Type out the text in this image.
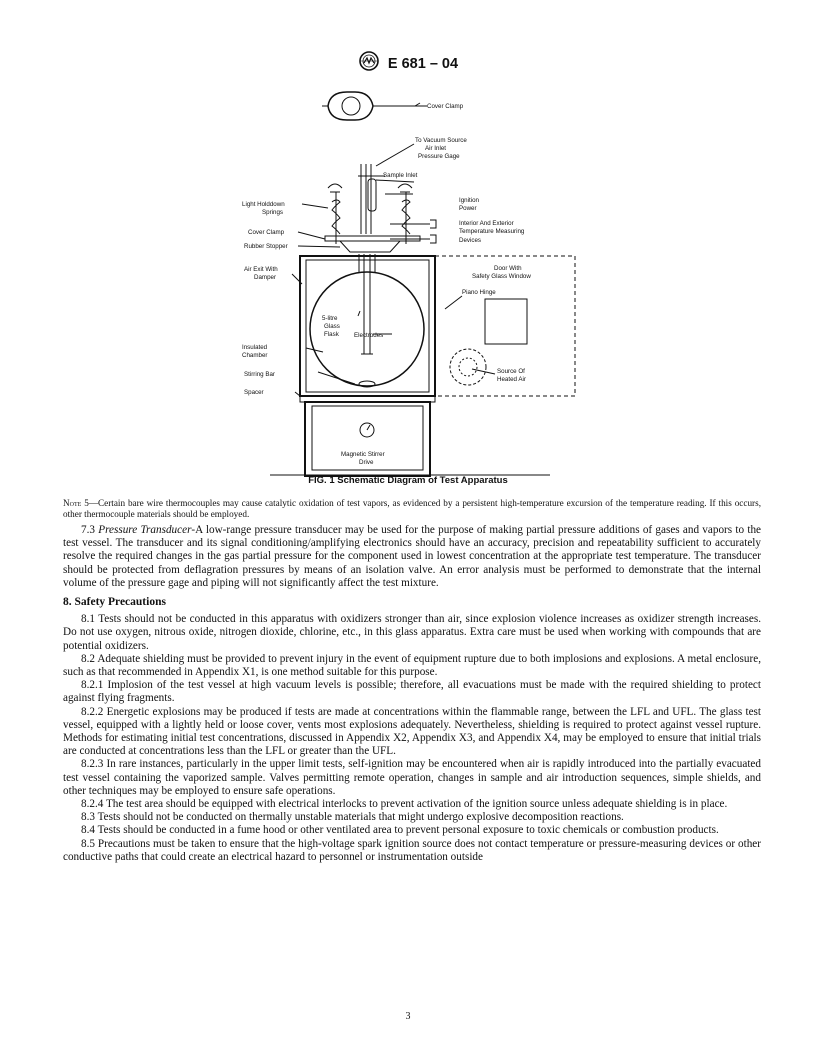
E 681 – 04
Cover Clamp
To Vacuum Source
Air Inlet
Pressure Gage
Sample Inlet
Light Holddown
Springs
Ignition
Power
Interior And Exterior
Temperature Measuring
Devices
Cover Clamp
Rubber Stopper
Air Exit With
Damper
Door With
Safety Glass Window
Piano Hinge
5-litre
Glass
Flask Electrodes
Insulated
Chamber
Source Of
Heated Air
Stirring Bar
Spacer
Magnetic Stirrer
Drive
FIG. 1 Schematic Diagram of Test Apparatus

Note 5—Certain bare wire thermocouples may cause catalytic oxidation of test vapors, as evidenced by a persistent high-temperature excursion of the temperature reading. If this occurs, other thermocouple materials should be employed.

7.3 Pressure Transducer-A low-range pressure transducer may be used for the purpose of making partial pressure additions of gases and vapors to the test vessel. The transducer and its signal conditioning/amplifying electronics should have an accuracy, precision and repeatability sufficient to accurately resolve the required changes in the gas partial pressure for the component used in lowest concentration at the appropriate test temperature. The transducer should be protected from deflagration pressures by means of an isolation valve. An error analysis must be performed to demonstrate that the internal volume of the pressure gage and piping will not significantly affect the test mixture.

8. Safety Precautions

8.1 Tests should not be conducted in this apparatus with oxidizers stronger than air, since explosion violence increases as oxidizer strength increases. Do not use oxygen, nitrous oxide, nitrogen dioxide, chlorine, etc., in this glass apparatus. Extra care must be used when working with compounds that are potential oxidizers.

8.2 Adequate shielding must be provided to prevent injury in the event of equipment rupture due to both implosions and explosions. A metal enclosure, such as that recommended in Appendix X1, is one method suitable for this purpose.

8.2.1 Implosion of the test vessel at high vacuum levels is possible; therefore, all evacuations must be made with the required shielding to protect against flying fragments.

8.2.2 Energetic explosions may be produced if tests are made at concentrations within the flammable range, between the LFL and UFL. The glass test vessel, equipped with a lightly held or loose cover, vents most explosions adequately. Nevertheless, shielding is required to protect against vessel rupture. Methods for estimating initial test concentrations, discussed in Appendix X2, Appendix X3, and Appendix X4, may be employed to ensure that initial trials are conducted at concentrations less than the LFL or greater than the UFL.

8.2.3 In rare instances, particularly in the upper limit tests, self-ignition may be encountered when air is rapidly introduced into the partially evacuated test vessel containing the vaporized sample. Valves permitting remote operation, changes in sample and air introduction sequences, simple shields, and other techniques may be employed to ensure safe operations.

8.2.4 The test area should be equipped with electrical interlocks to prevent activation of the ignition source unless adequate shielding is in place.

8.3 Tests should not be conducted on thermally unstable materials that might undergo explosive decomposition reactions.

8.4 Tests should be conducted in a fume hood or other ventilated area to prevent personal exposure to toxic chemicals or combustion products.

8.5 Precautions must be taken to ensure that the high-voltage spark ignition source does not contact temperature or pressure-measuring devices or other conductive paths that could create an electrical hazard to personnel or instrumentation outside

3
